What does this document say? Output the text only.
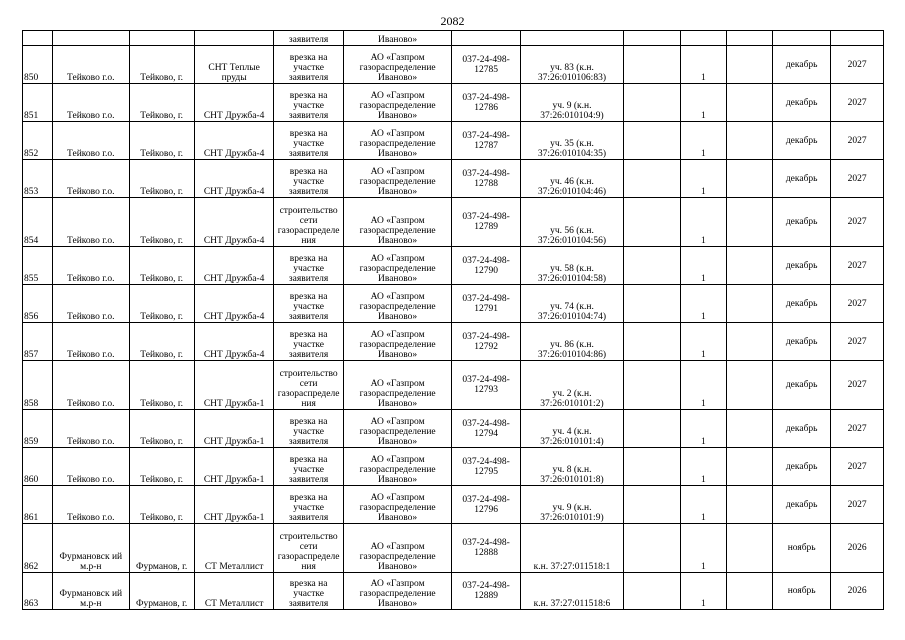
2082
				заявителя	Иваново»							
850	Тейково г.о.	Тейково, г.	СНТ Теплые пруды	врезка на участке заявителя	АО «Газпром газораспределение Иваново»	037-24-498-12785	уч. 83 (к.н. 37:26:010106:83)		1		декабрь	2027
851	Тейково г.о.	Тейково, г.	СНТ Дружба-4	врезка на участке заявителя	АО «Газпром газораспределение Иваново»	037-24-498-12786	уч. 9 (к.н. 37:26:010104:9)		1		декабрь	2027
852	Тейково г.о.	Тейково, г.	СНТ Дружба-4	врезка на участке заявителя	АО «Газпром газораспределение Иваново»	037-24-498-12787	уч. 35 (к.н. 37:26:010104:35)		1		декабрь	2027
853	Тейково г.о.	Тейково, г.	СНТ Дружба-4	врезка на участке заявителя	АО «Газпром газораспределение Иваново»	037-24-498-12788	уч. 46 (к.н. 37:26:010104:46)		1		декабрь	2027
854	Тейково г.о.	Тейково, г.	СНТ Дружба-4	строительство сети газораспределе ния	АО «Газпром газораспределение Иваново»	037-24-498-12789	уч. 56 (к.н. 37:26:010104:56)		1		декабрь	2027
855	Тейково г.о.	Тейково, г.	СНТ Дружба-4	врезка на участке заявителя	АО «Газпром газораспределение Иваново»	037-24-498-12790	уч. 58 (к.н. 37:26:010104:58)		1		декабрь	2027
856	Тейково г.о.	Тейково, г.	СНТ Дружба-4	врезка на участке заявителя	АО «Газпром газораспределение Иваново»	037-24-498-12791	уч. 74 (к.н. 37:26:010104:74)		1		декабрь	2027
857	Тейково г.о.	Тейково, г.	СНТ Дружба-4	врезка на участке заявителя	АО «Газпром газораспределение Иваново»	037-24-498-12792	уч. 86 (к.н. 37:26:010104:86)		1		декабрь	2027
858	Тейково г.о.	Тейково, г.	СНТ Дружба-1	строительство сети газораспределе ния	АО «Газпром газораспределение Иваново»	037-24-498-12793	уч. 2 (к.н. 37:26:010101:2)		1		декабрь	2027
859	Тейково г.о.	Тейково, г.	СНТ Дружба-1	врезка на участке заявителя	АО «Газпром газораспределение Иваново»	037-24-498-12794	уч. 4 (к.н. 37:26:010101:4)		1		декабрь	2027
860	Тейково г.о.	Тейково, г.	СНТ Дружба-1	врезка на участке заявителя	АО «Газпром газораспределение Иваново»	037-24-498-12795	уч. 8 (к.н. 37:26:010101:8)		1		декабрь	2027
861	Тейково г.о.	Тейково, г.	СНТ Дружба-1	врезка на участке заявителя	АО «Газпром газораспределение Иваново»	037-24-498-12796	уч. 9 (к.н. 37:26:010101:9)		1		декабрь	2027
862	Фурмановск ий м.р-н	Фурманов, г.	СТ Металлист	строительство сети газораспределе ния	АО «Газпром газораспределение Иваново»	037-24-498-12888	к.н. 37:27:011518:1		1		ноябрь	2026
863	Фурмановск ий м.р-н	Фурманов, г.	СТ Металлист	врезка на участке заявителя	АО «Газпром газораспределение Иваново»	037-24-498-12889	к.н. 37:27:011518:6		1		ноябрь	2026
